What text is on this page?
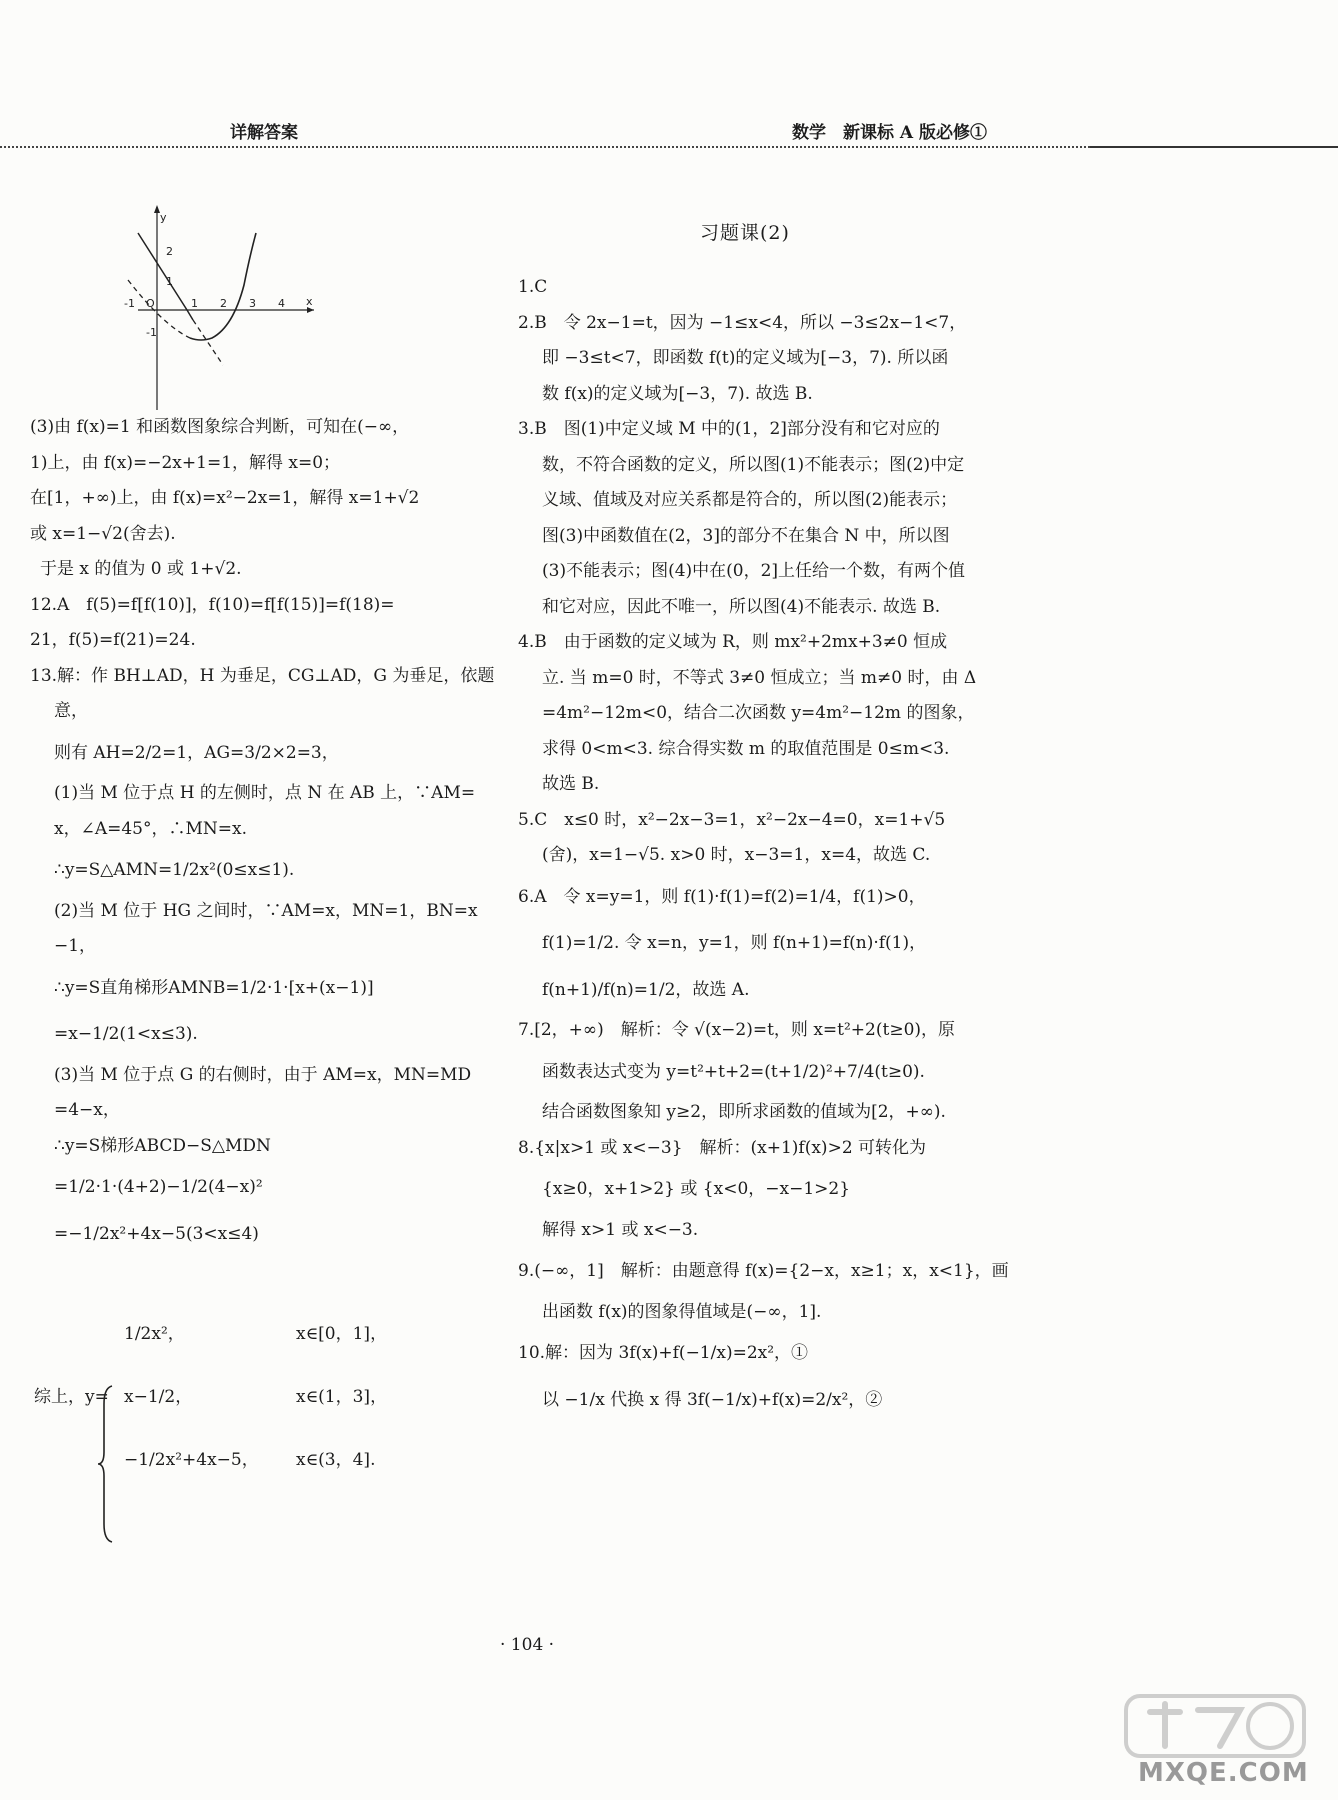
详解答案	数学　新课标 A 版必修①
y
x
-1 O	1 2 3 4
2
1
-1
(3)由 f(x)=1 和函数图象综合判断，可知在(−∞，
1)上，由 f(x)=−2x+1=1，解得 x=0；
在[1，+∞)上，由 f(x)=x²−2x=1，解得 x=1+√2
或 x=1−√2(舍去).
于是 x 的值为 0 或 1+√2.
12.A　f(5)=f[f(10)]，f(10)=f[f(15)]=f(18)=
21，f(5)=f(21)=24.
13.解：作 BH⊥AD，H 为垂足，CG⊥AD，G 为垂足，依题
意，
则有 AH=2/2=1，AG=3/2×2=3，
(1)当 M 位于点 H 的左侧时，点 N 在 AB 上，∵AM=
x，∠A=45°，∴MN=x.
∴y=S△AMN=1/2x²(0≤x≤1).
(2)当 M 位于 HG 之间时，∵AM=x，MN=1，BN=x
−1，
∴y=S直角梯形AMNB=1/2·1·[x+(x−1)]
=x−1/2(1<x≤3).
(3)当 M 位于点 G 的右侧时，由于 AM=x，MN=MD
=4−x，
∴y=S梯形ABCD−S△MDN
=1/2·1·(4+2)−1/2(4−x)²
=−1/2x²+4x−5(3<x≤4)
综上，y=
1/2x²，	x∈[0，1]，
x−1/2，	x∈(1，3]，
−1/2x²+4x−5， x∈(3，4].
习题课(2)
1.C
2.B　令 2x−1=t，因为 −1≤x<4，所以 −3≤2x−1<7，
即 −3≤t<7，即函数 f(t)的定义域为[−3，7). 所以函
数 f(x)的定义域为[−3，7). 故选 B.
3.B　图(1)中定义域 M 中的(1，2]部分没有和它对应的
数，不符合函数的定义，所以图(1)不能表示；图(2)中定
义域、值域及对应关系都是符合的，所以图(2)能表示；
图(3)中函数值在(2，3]的部分不在集合 N 中，所以图
(3)不能表示；图(4)中在(0，2]上任给一个数，有两个值
和它对应，因此不唯一，所以图(4)不能表示. 故选 B.
4.B　由于函数的定义域为 R，则 mx²+2mx+3≠0 恒成
立. 当 m=0 时，不等式 3≠0 恒成立；当 m≠0 时，由 Δ
=4m²−12m<0，结合二次函数 y=4m²−12m 的图象，
求得 0<m<3. 综合得实数 m 的取值范围是 0≤m<3.
故选 B.
5.C　x≤0 时，x²−2x−3=1，x²−2x−4=0，x=1+√5
(舍)，x=1−√5. x>0 时，x−3=1，x=4，故选 C.
6.A　令 x=y=1，则 f(1)·f(1)=f(2)=1/4，f(1)>0，
f(1)=1/2. 令 x=n，y=1，则 f(n+1)=f(n)·f(1)，
f(n+1)/f(n)=1/2，故选 A.
7.[2，+∞)　解析：令 √(x−2)=t，则 x=t²+2(t≥0)，原
函数表达式变为 y=t²+t+2=(t+1/2)²+7/4(t≥0).
结合函数图象知 y≥2，即所求函数的值域为[2，+∞).
8.{x|x>1 或 x<−3}　解析：(x+1)f(x)>2 可转化为
{x≥0，x+1>2} 或 {x<0，−x−1>2}
解得 x>1 或 x<−3.
9.(−∞，1]　解析：由题意得 f(x)={2−x，x≥1；x，x<1}，画
出函数 f(x)的图象得值域是(−∞，1].
10.解：因为 3f(x)+f(−1/x)=2x²，①
以 −1/x 代换 x 得 3f(−1/x)+f(x)=2/x²，②
· 104 ·
MXQE.COM
